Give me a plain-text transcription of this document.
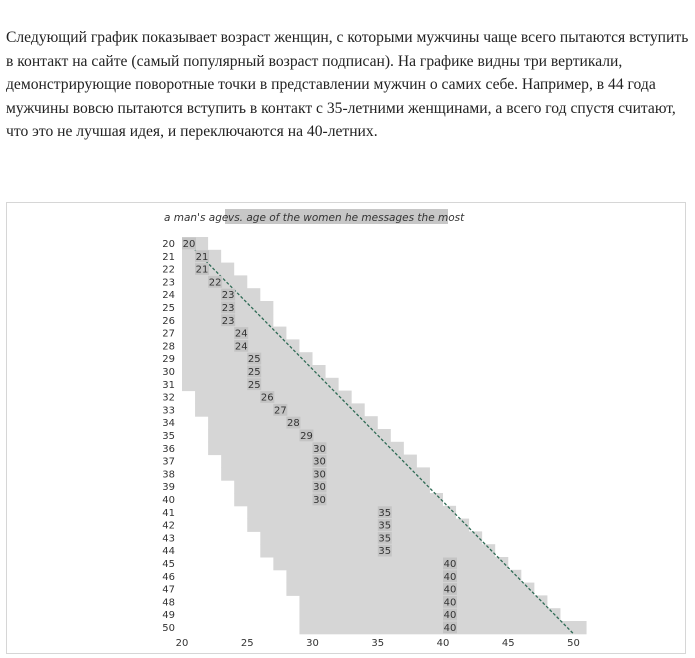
Следующий график показывает возраст женщин, с которыми мужчины чаще всего пытаются вступить в контакт на сайте (самый популярный возраст подписан). На графике видны три вертикали, демонстрирующие поворотные точки в представлении мужчин о самих себе. Например, в 44 года мужчины вовсю пытаются вступить в контакт с 35-летними женщинами, а всего год спустя считают, что это не лучшая идея, и переключаются на 40-летних.
a man's age vs. age of the women he messages the most
20
21
21
22
23
23
23
24
24
25
25
25
26
27
28
29
30
30
30
30
30
35
35
35
35
40
40
40
40
40
40
20
21
22
23
24
25
26
27
28
29
30
31
32
33
34
35
36
37
38
39
40
41
42
43
44
45
46
47
48
49
50
20	25	30	35	40	45	50
